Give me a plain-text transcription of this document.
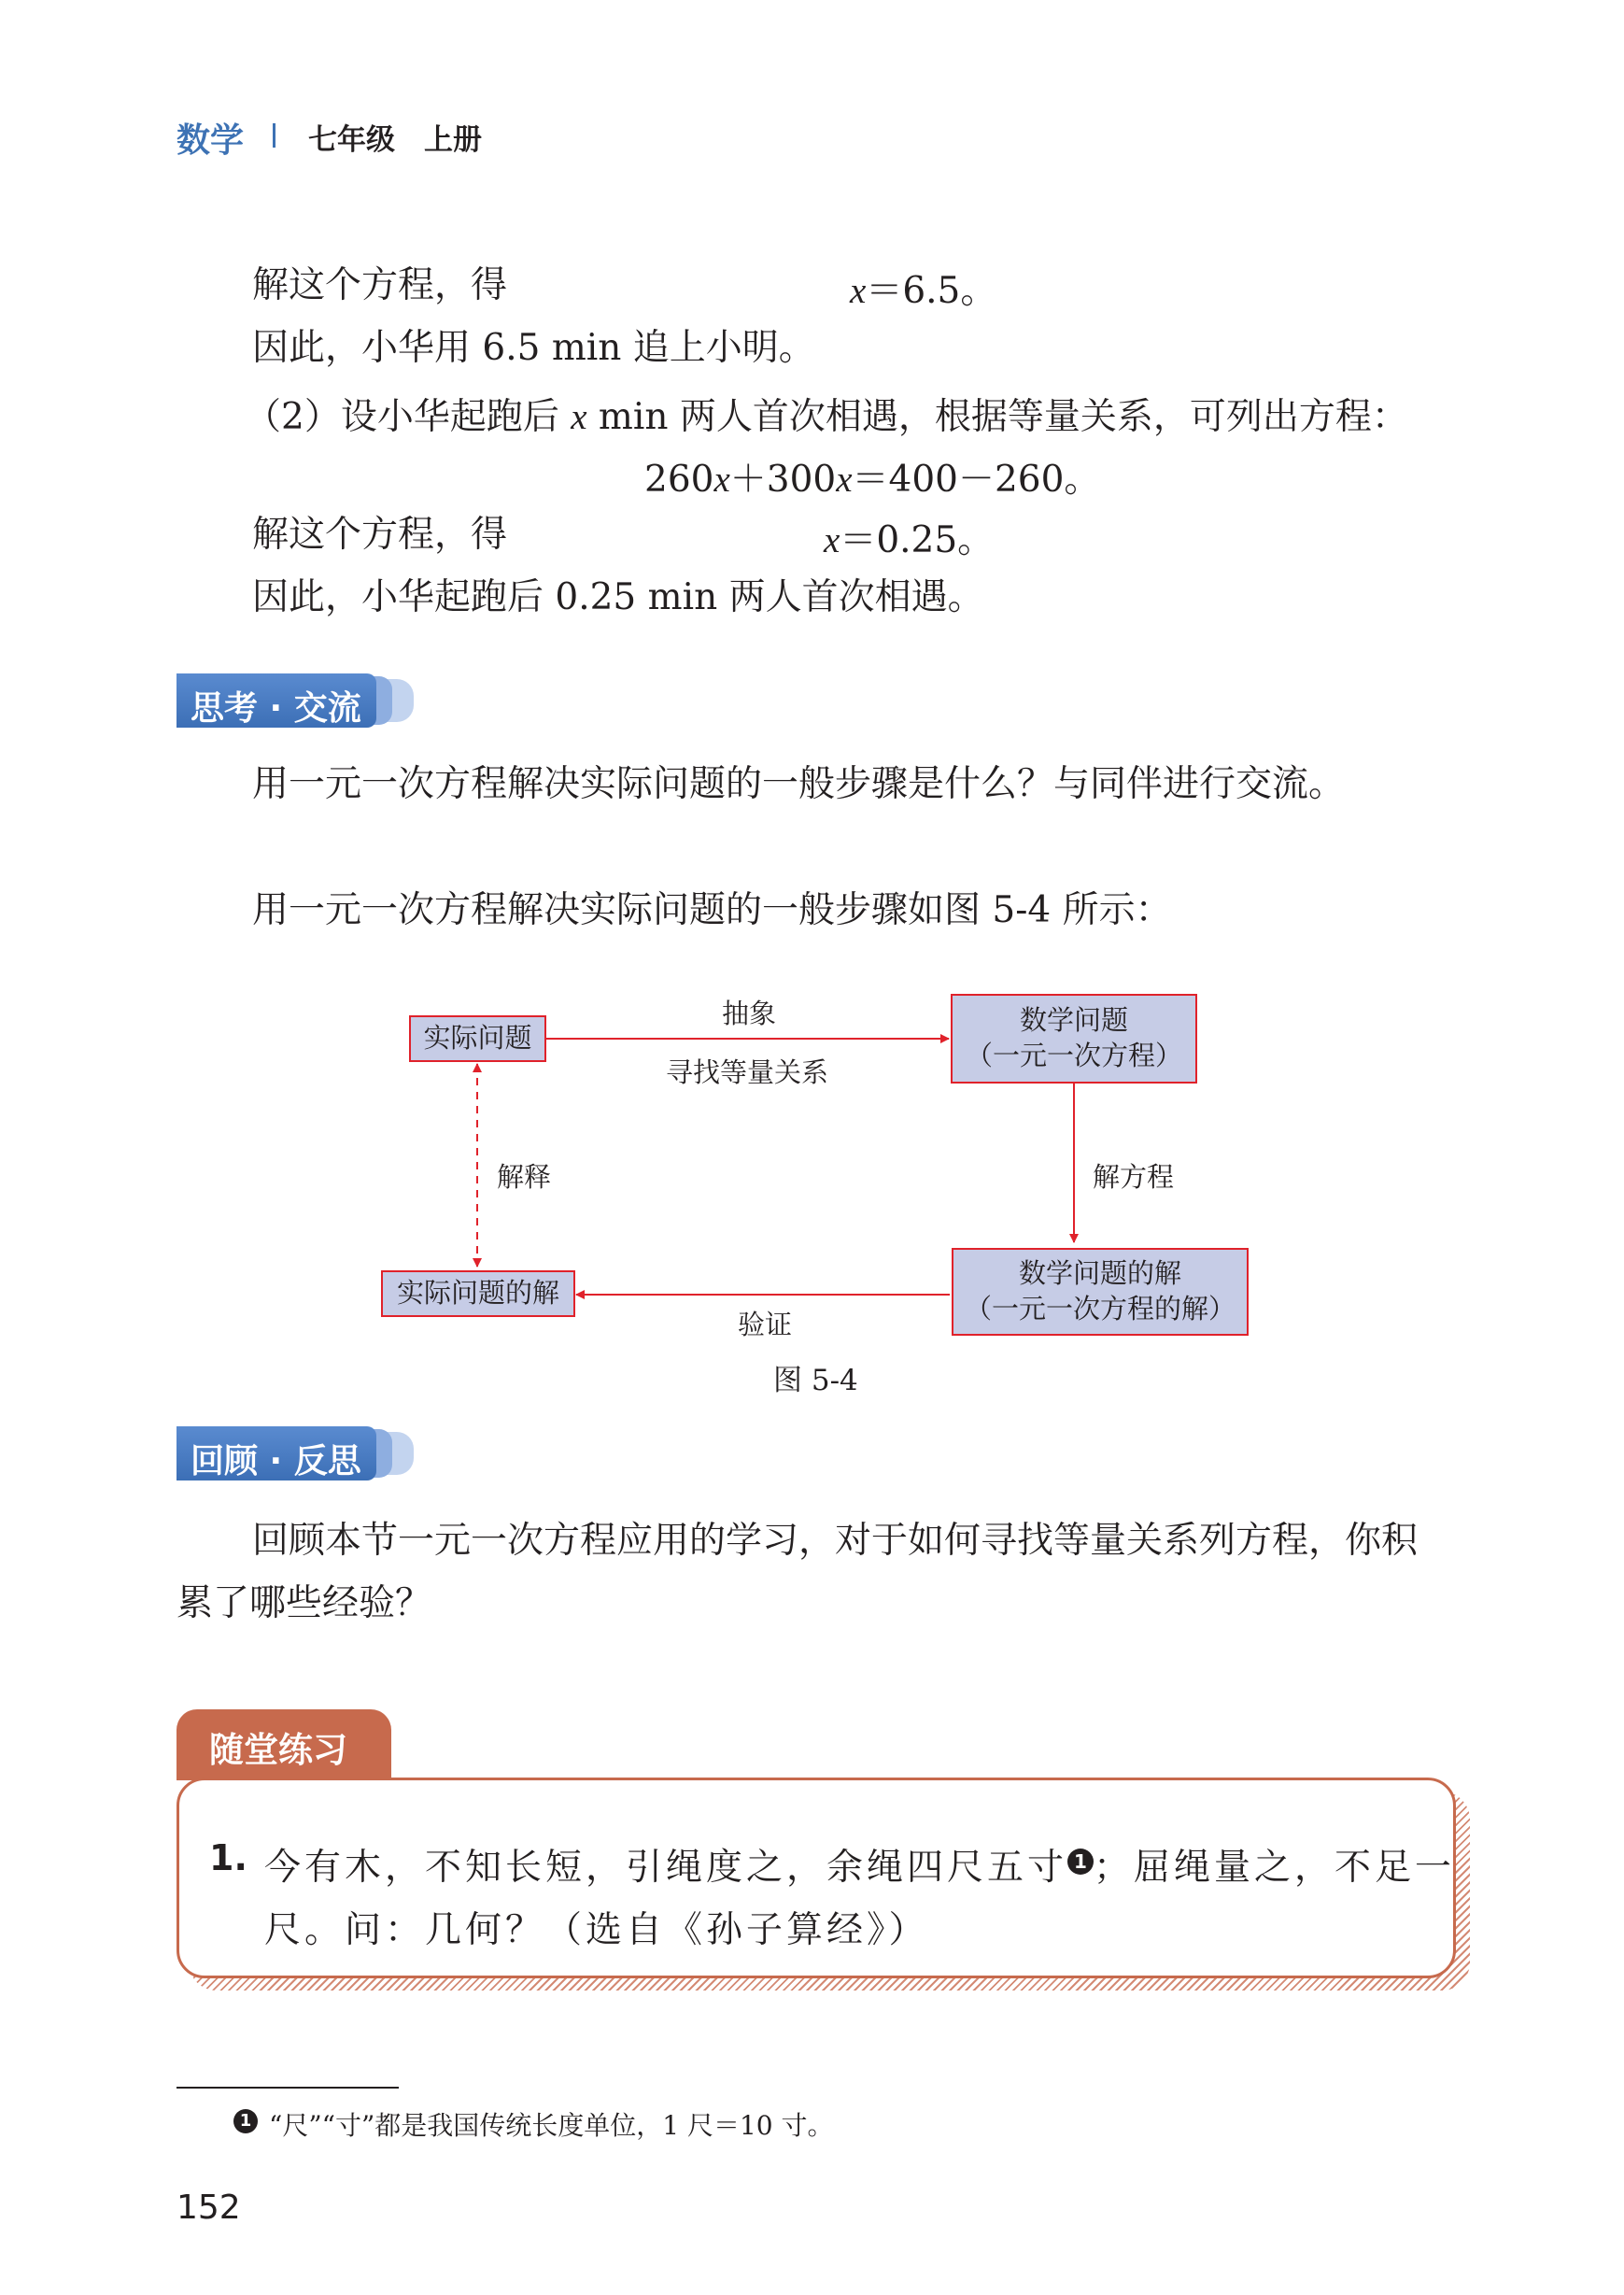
数学 七年级　上册
解这个方程，得	x＝6.5。
因此，小华用 6.5 min 追上小明。
（2）设小华起跑后 x min 两人首次相遇，根据等量关系，可列出方程：
260x＋300x＝400－260。
解这个方程，得	x＝0.25。
因此，小华起跑后 0.25 min 两人首次相遇。
思考 · 交流
用一元一次方程解决实际问题的一般步骤是什么？与同伴进行交流。
用一元一次方程解决实际问题的一般步骤如图 5-4 所示：
实际问题
数学问题
（一元一次方程）
数学问题的解
（一元一次方程的解）
实际问题的解
抽象
寻找等量关系
解方程
验证
解释
图 5-4
回顾 · 反思
回顾本节一元一次方程应用的学习，对于如何寻找等量关系列方程，你积
累了哪些经验？
随堂练习
1. 今有木，不知长短，引绳度之，余绳四尺五寸 1 ；屈绳量之，不足一
尺。问：几何？（选自《孙子算经》）
1 “尺”“寸”都是我国传统长度单位，1 尺＝10 寸。
152
